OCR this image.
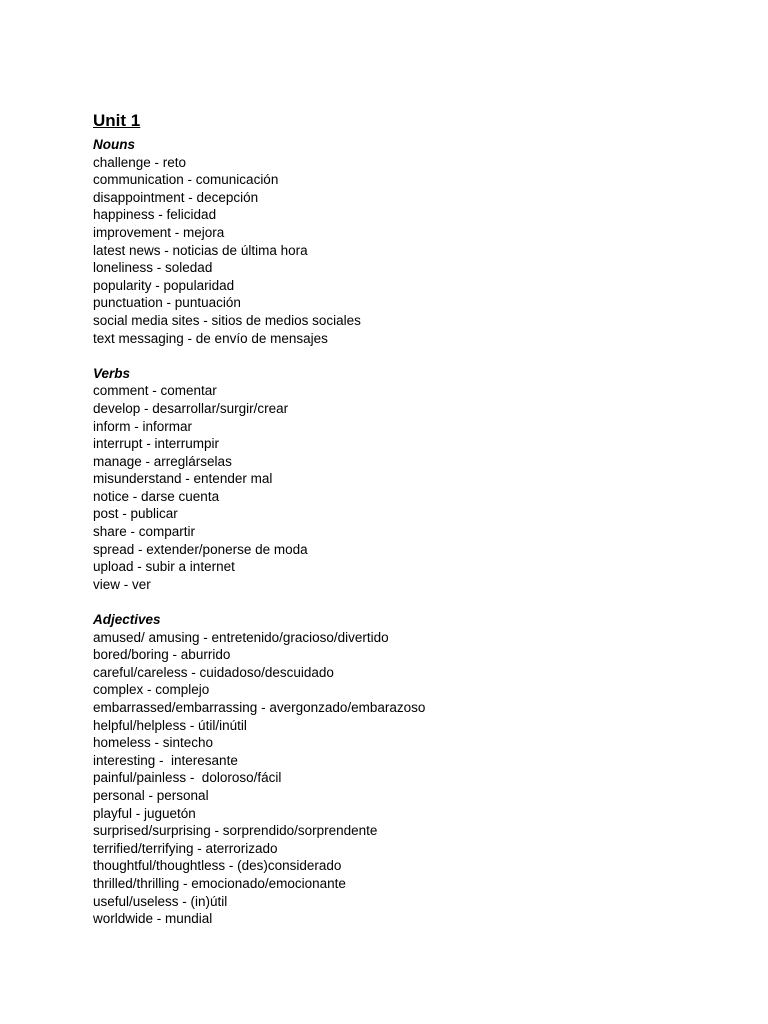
Unit 1
Nouns
challenge - reto
communication - comunicación
disappointment - decepción
happiness - felicidad
improvement - mejora
latest news - noticias de última hora
loneliness - soledad
popularity - popularidad
punctuation - puntuación
social media sites - sitios de medios sociales
text messaging - de envío de mensajes
Verbs
comment - comentar
develop - desarrollar/surgir/crear
inform - informar
interrupt - interrumpir
manage - arreglárselas
misunderstand - entender mal
notice - darse cuenta
post - publicar
share - compartir
spread - extender/ponerse de moda
upload - subir a internet
view - ver
Adjectives
amused/ amusing - entretenido/gracioso/divertido
bored/boring - aburrido
careful/careless - cuidadoso/descuidado
complex - complejo
embarrassed/embarrassing - avergonzado/embarazoso
helpful/helpless - útil/inútil
homeless - sintecho
interesting -  interesante
painful/painless -  doloroso/fácil
personal - personal
playful - juguetón
surprised/surprising - sorprendido/sorprendente
terrified/terrifying - aterrorizado
thoughtful/thoughtless - (des)considerado
thrilled/thrilling - emocionado/emocionante
useful/useless - (in)útil
worldwide - mundial
